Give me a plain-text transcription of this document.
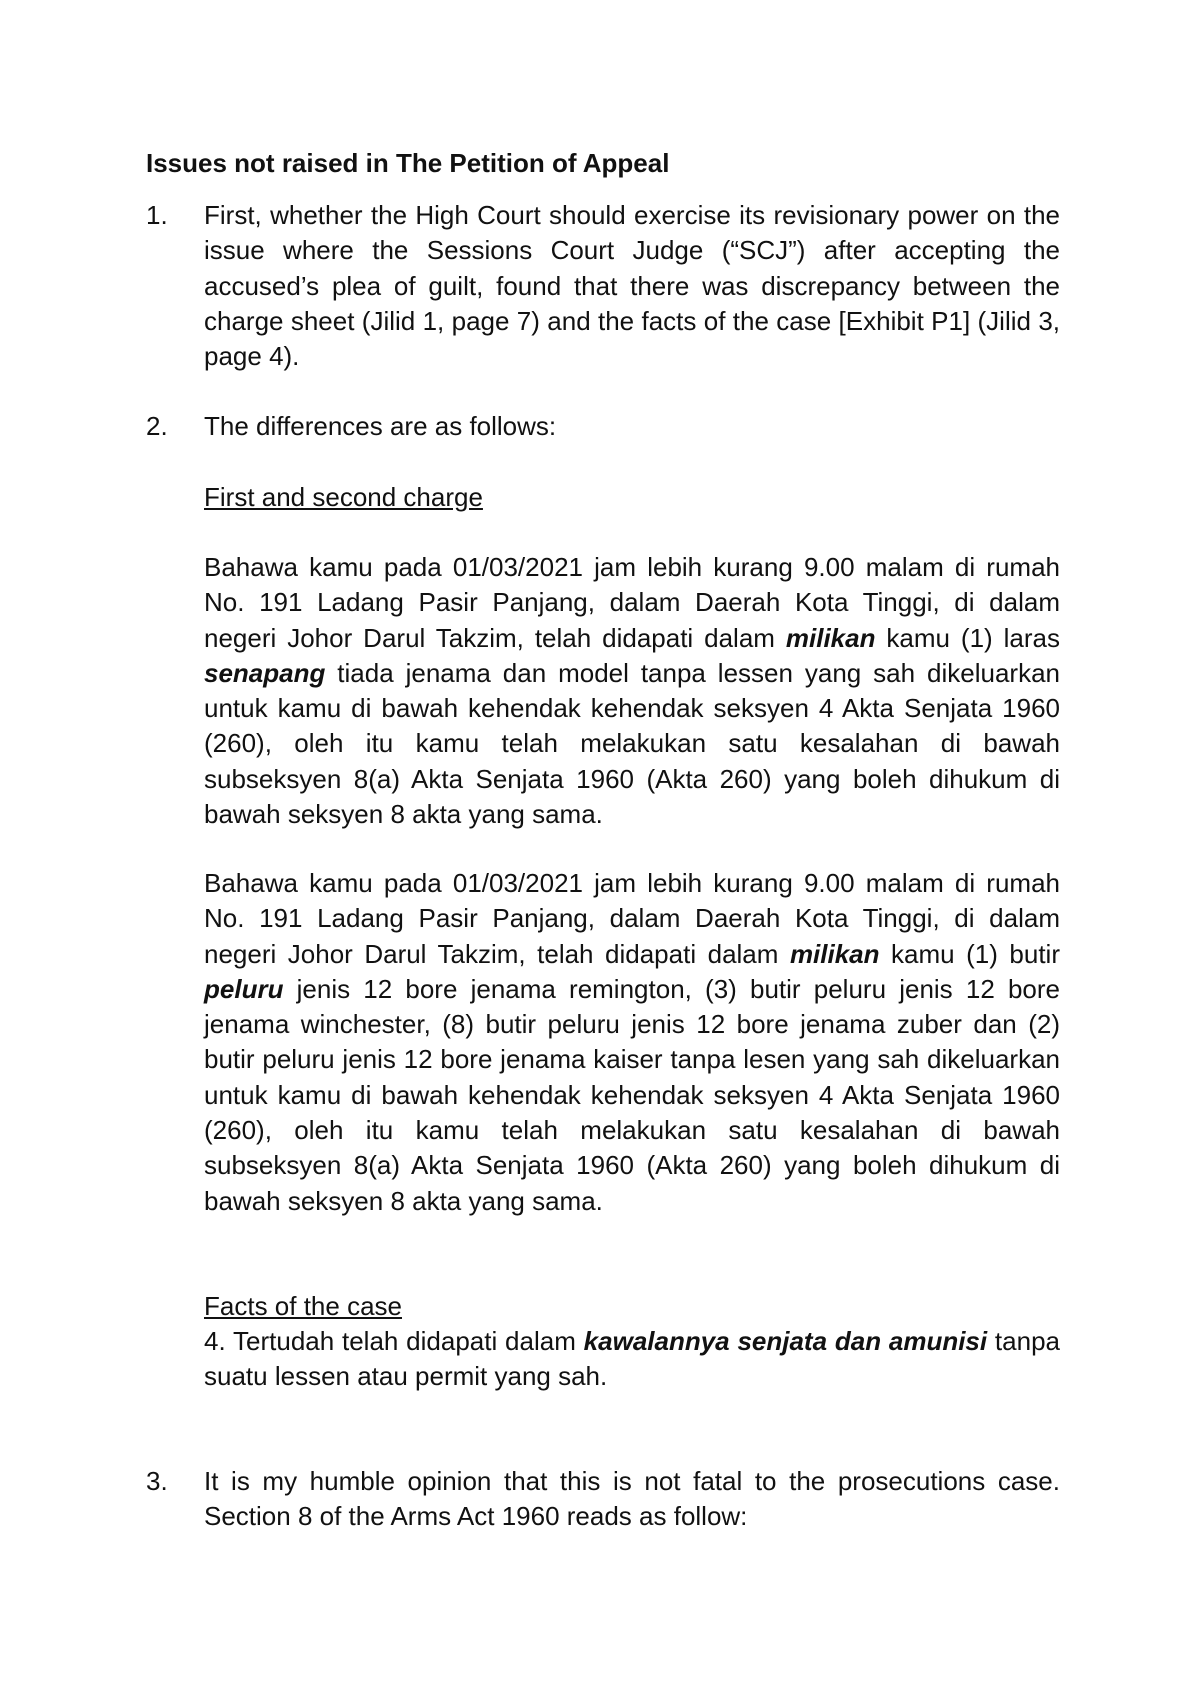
Issues not raised in The Petition of Appeal
1.	First, whether the High Court should exercise its revisionary power on the issue where the Sessions Court Judge (“SCJ”) after accepting the accused’s plea of guilt, found that there was discrepancy between the charge sheet (Jilid 1, page 7) and the facts of the case [Exhibit P1] (Jilid 3, page 4).
2.	The differences are as follows:
First and second charge
Bahawa kamu pada 01/03/2021 jam lebih kurang 9.00 malam di rumah No. 191 Ladang Pasir Panjang, dalam Daerah Kota Tinggi, di dalam negeri Johor Darul Takzim, telah didapati dalam milikan kamu (1) laras senapang tiada jenama dan model tanpa lessen yang sah dikeluarkan untuk kamu di bawah kehendak kehendak seksyen 4 Akta Senjata 1960 (260), oleh itu kamu telah melakukan satu kesalahan di bawah subseksyen 8(a) Akta Senjata 1960 (Akta 260) yang boleh dihukum di bawah seksyen 8 akta yang sama.
Bahawa kamu pada 01/03/2021 jam lebih kurang 9.00 malam di rumah No. 191 Ladang Pasir Panjang, dalam Daerah Kota Tinggi, di dalam negeri Johor Darul Takzim, telah didapati dalam milikan kamu (1) butir peluru jenis 12 bore jenama remington, (3) butir peluru jenis 12 bore jenama winchester, (8) butir peluru jenis 12 bore jenama zuber dan (2) butir peluru jenis 12 bore jenama kaiser tanpa lesen yang sah dikeluarkan untuk kamu di bawah kehendak kehendak seksyen 4 Akta Senjata 1960 (260), oleh itu kamu telah melakukan satu kesalahan di bawah subseksyen 8(a) Akta Senjata 1960 (Akta 260) yang boleh dihukum di bawah seksyen 8 akta yang sama.
Facts of the case
4. Tertudah telah didapati dalam kawalannya senjata dan amunisi tanpa suatu lessen atau permit yang sah.
3.	It is my humble opinion that this is not fatal to the prosecutions case. Section 8 of the Arms Act 1960 reads as follow:
